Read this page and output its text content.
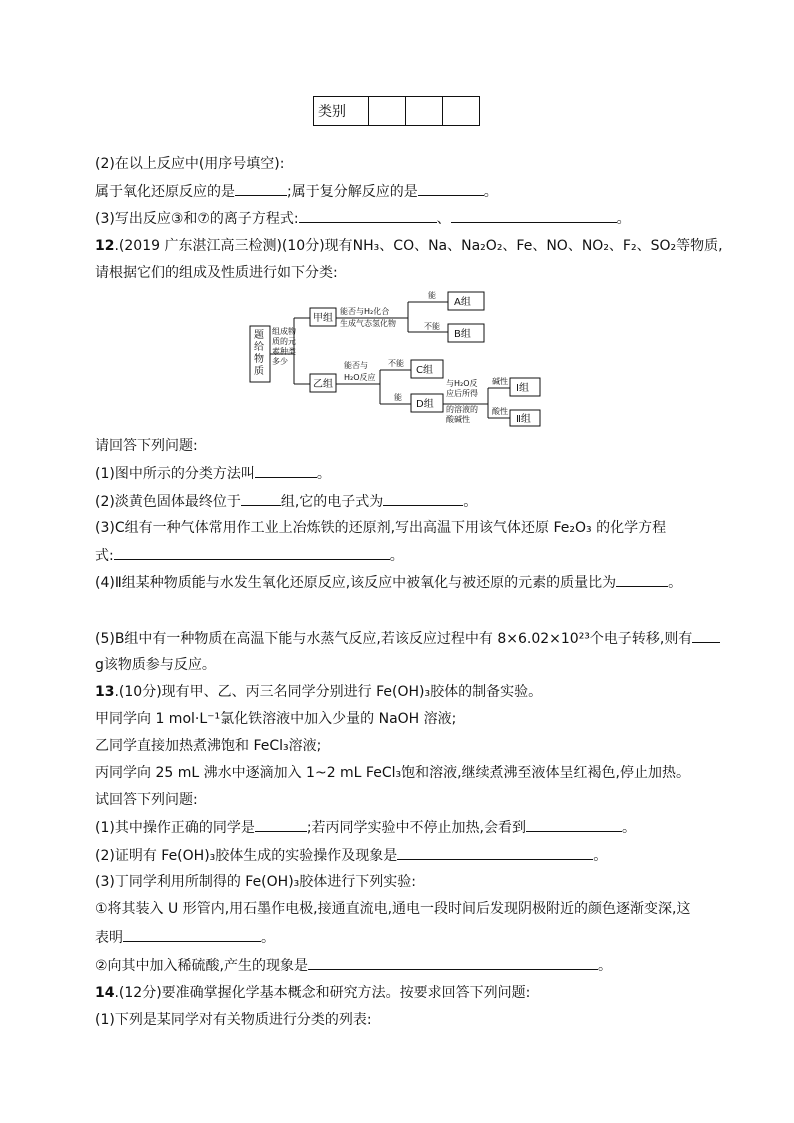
类别			
(2)在以上反应中(用序号填空):
属于氧化还原反应的是	;属于复分解反应的是	。
(3)写出反应③和⑦的离子方程式:	、	。
12.(2019 广东湛江高三检测)(10分)现有NH₃、CO、Na、Na₂O₂、Fe、NO、NO₂、F₂、SO₂等物质,
请根据它们的组成及性质进行如下分类:
题
给
物
质
组成物
质的元
素种类
多少
甲组
乙组
能否与H₂化合
生成气态氢化物
能
不能
A组
B组
能否与
H₂O反应
不能
能
C组
D组
与H₂O反
应后所得
的溶液的
酸碱性
碱性
酸性
Ⅰ组
Ⅱ组
请回答下列问题:
(1)图中所示的分类方法叫	。
(2)淡黄色固体最终位于	组,它的电子式为	。
(3)C组有一种气体常用作工业上冶炼铁的还原剂,写出高温下用该气体还原 Fe₂O₃ 的化学方程
式:	。
(4)Ⅱ组某种物质能与水发生氧化还原反应,该反应中被氧化与被还原的元素的质量比为	。
(5)B组中有一种物质在高温下能与水蒸气反应,若该反应过程中有 8×6.02×10²³个电子转移,则有
g该物质参与反应。
13.(10分)现有甲、乙、丙三名同学分别进行 Fe(OH)₃胶体的制备实验。
甲同学向 1 mol·L⁻¹氯化铁溶液中加入少量的 NaOH 溶液;
乙同学直接加热煮沸饱和 FeCl₃溶液;
丙同学向 25 mL 沸水中逐滴加入 1~2 mL FeCl₃饱和溶液,继续煮沸至液体呈红褐色,停止加热。
试回答下列问题:
(1)其中操作正确的同学是	;若丙同学实验中不停止加热,会看到	。
(2)证明有 Fe(OH)₃胶体生成的实验操作及现象是	。
(3)丁同学利用所制得的 Fe(OH)₃胶体进行下列实验:
①将其装入 U 形管内,用石墨作电极,接通直流电,通电一段时间后发现阴极附近的颜色逐渐变深,这
表明	。
②向其中加入稀硫酸,产生的现象是	。
14.(12分)要准确掌握化学基本概念和研究方法。按要求回答下列问题:
(1)下列是某同学对有关物质进行分类的列表:
